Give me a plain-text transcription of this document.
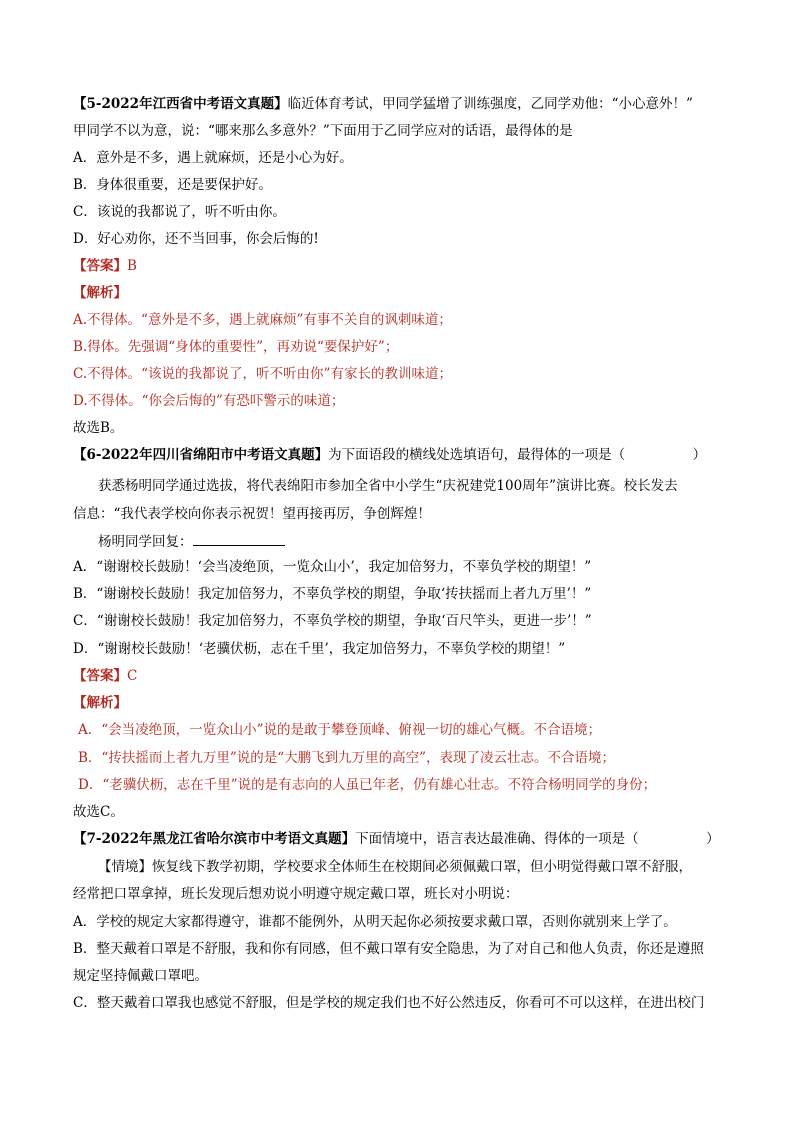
【5-2022年江西省中考语文真题】临近体育考试，甲同学猛增了训练强度，乙同学劝他：“小心意外！”
甲同学不以为意，说：“哪来那么多意外？”下面用于乙同学应对的话语，最得体的是
A．意外是不多，遇上就麻烦，还是小心为好。
B．身体很重要，还是要保护好。
C．该说的我都说了，听不听由你。
D．好心劝你，还不当回事，你会后悔的!
【答案】B
【解析】
A.不得体。“意外是不多，遇上就麻烦”有事不关自的讽刺味道；
B.得体。先强调“身体的重要性”，再劝说“要保护好”；
C.不得体。“该说的我都说了，听不听由你”有家长的教训味道；
D.不得体。“你会后悔的”有恐吓警示的味道；
故选B。
【6-2022年四川省绵阳市中考语文真题】为下面语段的横线处选填语句，最得体的一项是（　　　　　）
获悉杨明同学通过选拔，将代表绵阳市参加全省中小学生“庆祝建党100周年”演讲比赛。校长发去
信息：“我代表学校向你表示祝贺！望再接再厉，争创辉煌！
杨明同学回复：
A．“谢谢校长鼓励！‘会当凌绝顶，一览众山小’，我定加倍努力，不辜负学校的期望！”
B．“谢谢校长鼓励！我定加倍努力，不辜负学校的期望，争取‘抟扶摇而上者九万里’！”
C．“谢谢校长鼓励！我定加倍努力，不辜负学校的期望，争取‘百尺竿头，更进一步’！”
D．“谢谢校长鼓励！‘老骥伏枥，志在千里’，我定加倍努力，不辜负学校的期望！”
【答案】C
【解析】
A．“会当凌绝顶，一览众山小”说的是敢于攀登顶峰、俯视一切的雄心气概。不合语境；
B．“抟扶摇而上者九万里”说的是“大鹏飞到九万里的高空”，表现了凌云壮志。不合语境；
D．“老骥伏枥，志在千里”说的是有志向的人虽已年老，仍有雄心壮志。不符合杨明同学的身份；
故选C。
【7-2022年黑龙江省哈尔滨市中考语文真题】下面情境中，语言表达最准确、得体的一项是（　　　　　）
【情境】恢复线下教学初期，学校要求全体师生在校期间必须佩戴口罩，但小明觉得戴口罩不舒服，
经常把口罩拿掉，班长发现后想劝说小明遵守规定戴口罩，班长对小明说：
A．学校的规定大家都得遵守，谁都不能例外，从明天起你必须按要求戴口罩，否则你就别来上学了。
B．整天戴着口罩是不舒服，我和你有同感，但不戴口罩有安全隐患，为了对自己和他人负责，你还是遵照
规定坚持佩戴口罩吧。
C．整天戴着口罩我也感觉不舒服，但是学校的规定我们也不好公然违反，你看可不可以这样，在进出校门
